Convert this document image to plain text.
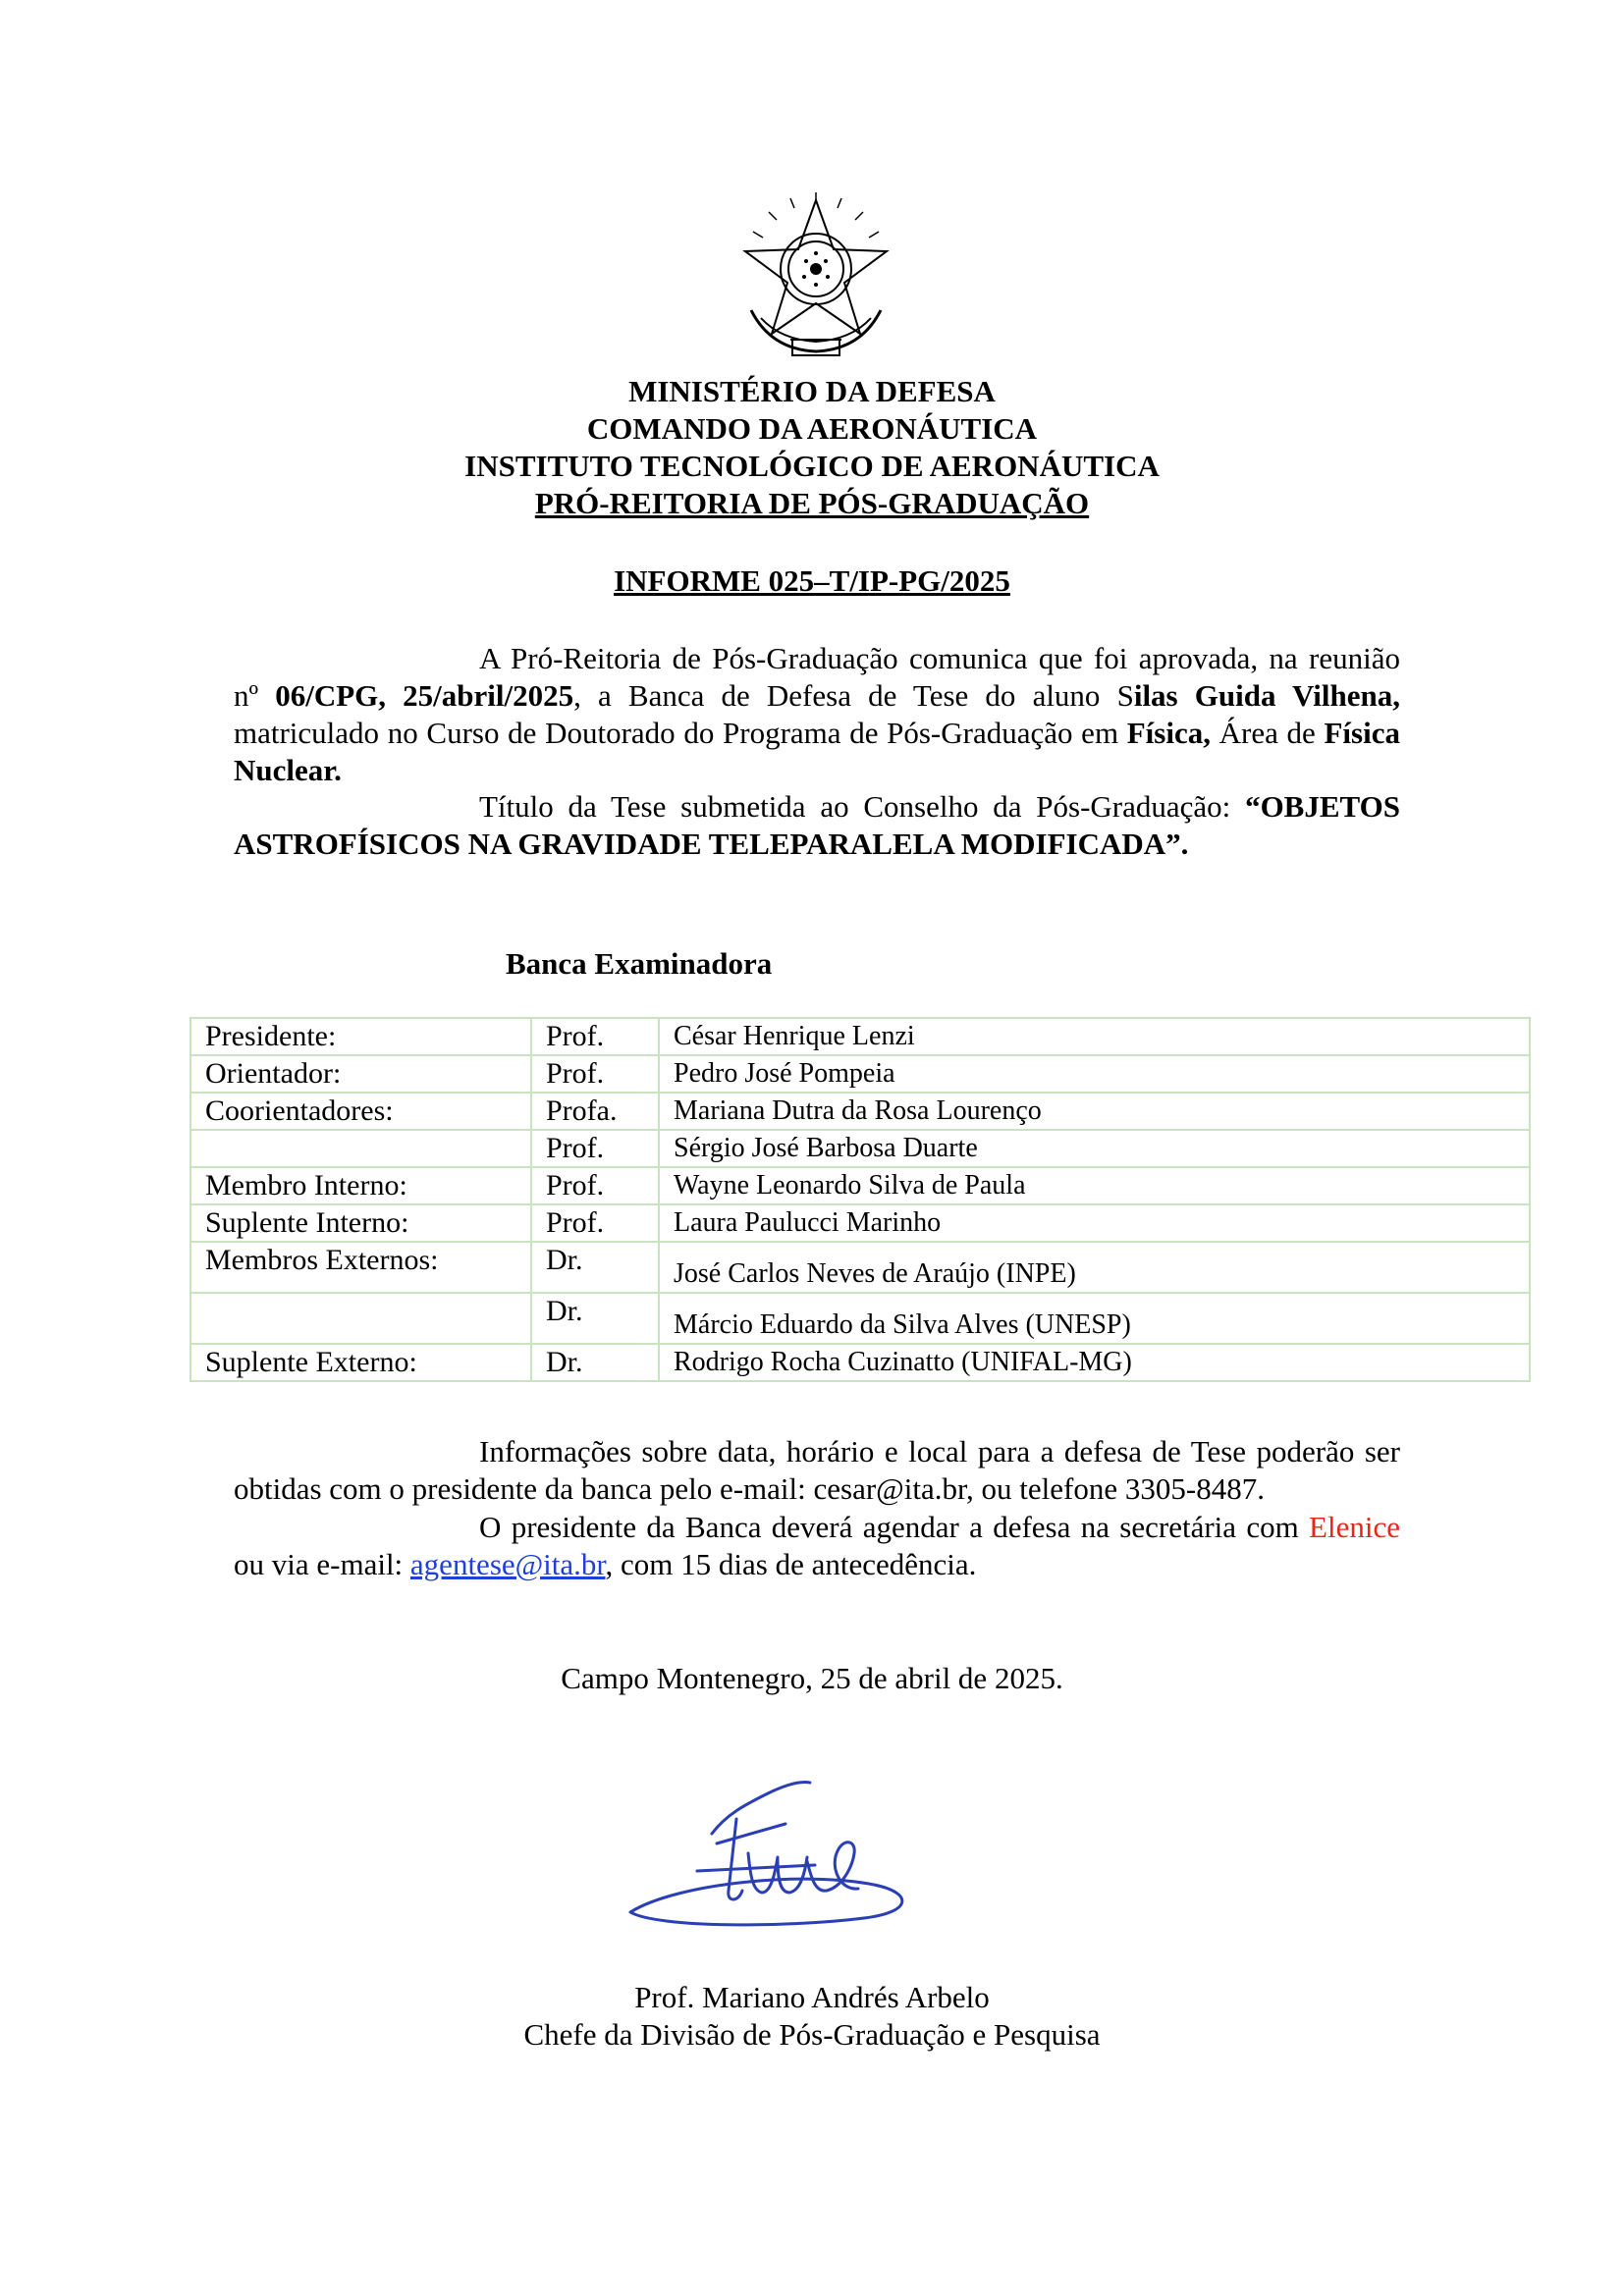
MINISTÉRIO DA DEFESA
COMANDO DA AERONÁUTICA
INSTITUTO TECNOLÓGICO DE AERONÁUTICA
PRÓ-REITORIA DE PÓS-GRADUAÇÃO
INFORME 025–T/IP-PG/2025
A Pró-Reitoria de Pós-Graduação comunica que foi aprovada, na reunião nº 06/CPG, 25/abril/2025, a Banca de Defesa de Tese do aluno Silas Guida Vilhena, matriculado no Curso de Doutorado do Programa de Pós-Graduação em Física, Área de Física Nuclear.
Título da Tese submetida ao Conselho da Pós-Graduação: “OBJETOS ASTROFÍSICOS NA GRAVIDADE TELEPARALELA MODIFICADA”.
Banca Examinadora
Presidente:	Prof.	César Henrique Lenzi
Orientador:	Prof.	Pedro José Pompeia
Coorientadores:	Profa.	Mariana Dutra da Rosa Lourenço
	Prof.	Sérgio José Barbosa Duarte
Membro Interno:	Prof.	Wayne Leonardo Silva de Paula
Suplente Interno:	Prof.	Laura Paulucci Marinho
Membros Externos:	Dr.	José Carlos Neves de Araújo (INPE)
	Dr.	Márcio Eduardo da Silva Alves (UNESP)
Suplente Externo:	Dr.	Rodrigo Rocha Cuzinatto (UNIFAL-MG)
Informações sobre data, horário e local para a defesa de Tese poderão ser obtidas com o presidente da banca pelo e-mail: cesar@ita.br, ou telefone 3305-8487.
O presidente da Banca deverá agendar a defesa na secretária com Elenice ou via e-mail: agentese@ita.br, com 15 dias de antecedência.
Campo Montenegro, 25 de abril de 2025.
Prof. Mariano Andrés Arbelo
Chefe da Divisão de Pós-Graduação e Pesquisa
